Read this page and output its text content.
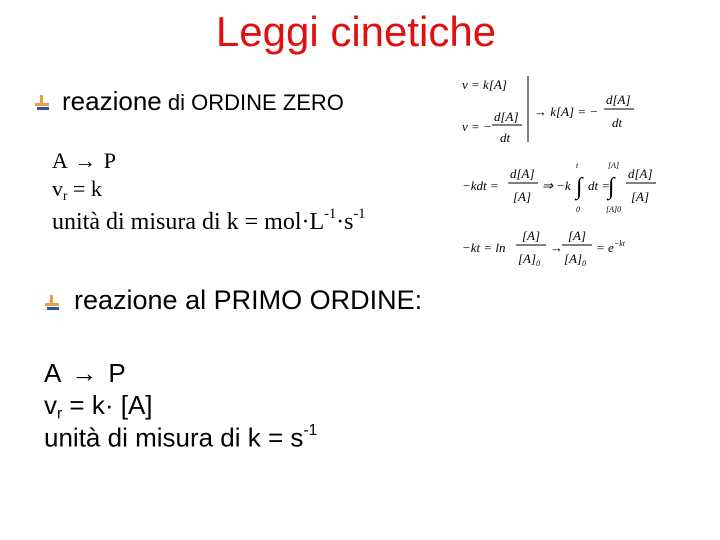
Leggi cinetiche
reazione di ORDINE ZERO
A → P
$v_r = k$
unità di misura di $k = mol\cdot L^{-1}\cdot s^{-1}$
reazione al PRIMO ORDINE:
A → P
$v_r = k\cdot [A]$
unità di misura di $k = s^{-1}$
v = k[A]
v = −
d[A]
dt
→ k[A] = −
d[A]
dt
−kdt =
d[A]
[A]
⇒ −k ∫
t
0
dt =
∫
[A]
[A]0
d[A]
[A]
−kt = ln
[A]
$[A]_0$
→
[A]
$[A]_0$
= $e^{-kt}$
